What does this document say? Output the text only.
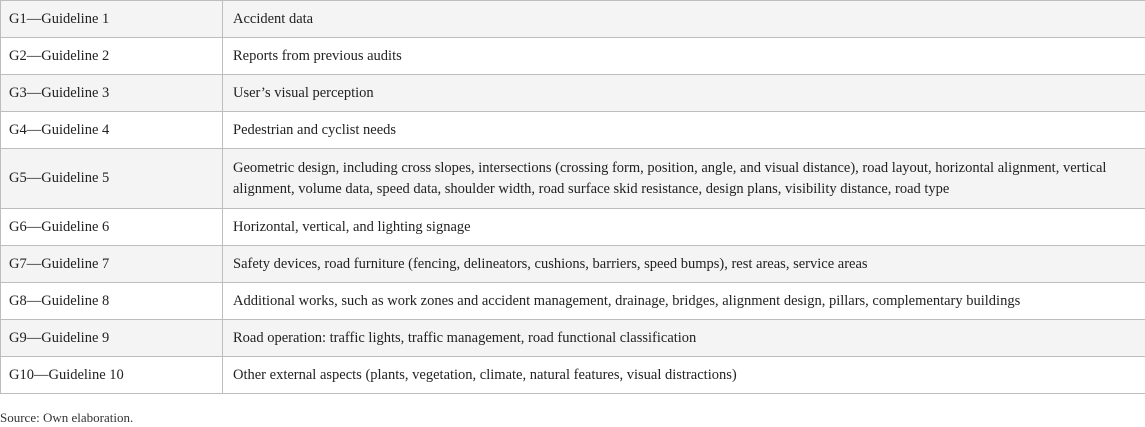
G1—Guideline 1	Accident data
G2—Guideline 2	Reports from previous audits
G3—Guideline 3	User’s visual perception
G4—Guideline 4	Pedestrian and cyclist needs
G5—Guideline 5	Geometric design, including cross slopes, intersections (crossing form, position, angle, and visual distance), road layout, horizontal alignment, vertical alignment, volume data, speed data, shoulder width, road surface skid resistance, design plans, visibility distance, road type
G6—Guideline 6	Horizontal, vertical, and lighting signage
G7—Guideline 7	Safety devices, road furniture (fencing, delineators, cushions, barriers, speed bumps), rest areas, service areas
G8—Guideline 8	Additional works, such as work zones and accident management, drainage, bridges, alignment design, pillars, complementary buildings
G9—Guideline 9	Road operation: traffic lights, traffic management, road functional classification
G10—Guideline 10	Other external aspects (plants, vegetation, climate, natural features, visual distractions)
Source: Own elaboration.
